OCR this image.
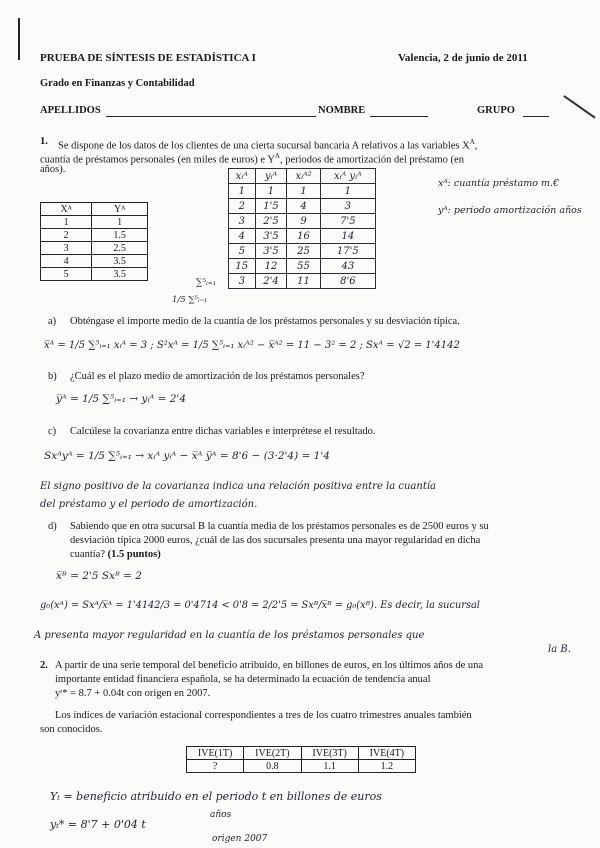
PRUEBA DE SÍNTESIS DE ESTADÍSTICA I	Valencia, 2 de junio de 2011
Grado en Finanzas y Contabilidad
APELLIDOS	NOMBRE	GRUPO
1. Se dispone de los datos de los clientes de una cierta sucursal bancaria A relativos a las variables $X^A$,
cuantía de préstamos personales (en miles de euros) e $Y^A$, periodos de amortización del préstamo (en
años).
Xᴬ	Yᴬ
1	1
2	1.5
3	2.5
4	3.5
5	3.5
xᵢᴬ	yᵢᴬ	xᵢᴬ²	xᵢᴬ yᵢᴬ
1	1	1	1
2	1'5	4	3
3	2'5	9	7'5
4	3'5	16	14
5	3'5	25	17'5
15	12	55	43
3	2'4	11	8'6
∑⁵ᵢ₌₁
1/5 ∑⁵ᵢ₌₁
xᴬ: cuantía préstamo m.€
yᴬ: periodo amortización años
a) Obténgase el importe medio de la cuantía de los préstamos personales y su desviación típica.
x̅ᴬ = 1/5 ∑⁵ᵢ₌₁ xᵢᴬ = 3 ; S²xᴬ = 1/5 ∑⁵ᵢ₌₁ xᵢᴬ² − x̅ᴬ² = 11 − 3² = 2 ; Sxᴬ = √2 = 1'4142
b) ¿Cuál es el plazo medio de amortización de los préstamos personales?
y̅ᴬ = 1/5 ∑⁵ᵢ₌₁ → yᵢᴬ = 2'4
c) Calcúlese la covarianza entre dichas variables e interprétese el resultado.
Sxᴬyᴬ = 1/5 ∑⁵ᵢ₌₁ → xᵢᴬ yᵢᴬ − x̅ᴬ y̅ᴬ = 8'6 − (3·2'4) = 1'4
El signo positivo de la covarianza indica una relación positiva entre la cuantía
del préstamo y el periodo de amortización.
d) Sabiendo que en otra sucursal B la cuantía media de los préstamos personales es de 2500 euros y su
desviación típica 2000 euros, ¿cuál de las dos sucursales presenta una mayor regularidad en dicha
cuantía? (1.5 puntos)
x̅ᴮ = 2'5 Sxᴮ = 2
g₀(xᴬ) = Sxᴬ/x̅ᴬ = 1'4142/3 = 0'4714 < 0'8 = 2/2'5 = Sxᴮ/x̅ᴮ = g₀(xᴮ). Es decir, la sucursal
A presenta mayor regularidad en la cuantía de los préstamos personales que
la B.
2. A partir de una serie temporal del beneficio atribuido, en billones de euros, en los últimos años de una
importante entidad financiera española, se ha determinado la ecuación de tendencia anual
yᵗ* = 8.7 + 0.04t con origen en 2007.
Los índices de variación estacional correspondientes a tres de los cuatro trimestres anuales también
son conocidos.
IVE(1T)	IVE(2T)	IVE(3T)	IVE(4T)
?	0.8	1.1	1.2
Yₜ = beneficio atribuido en el periodo t en billones de euros
yₜ* = 8'7 + 0'04 t
años
origen 2007
